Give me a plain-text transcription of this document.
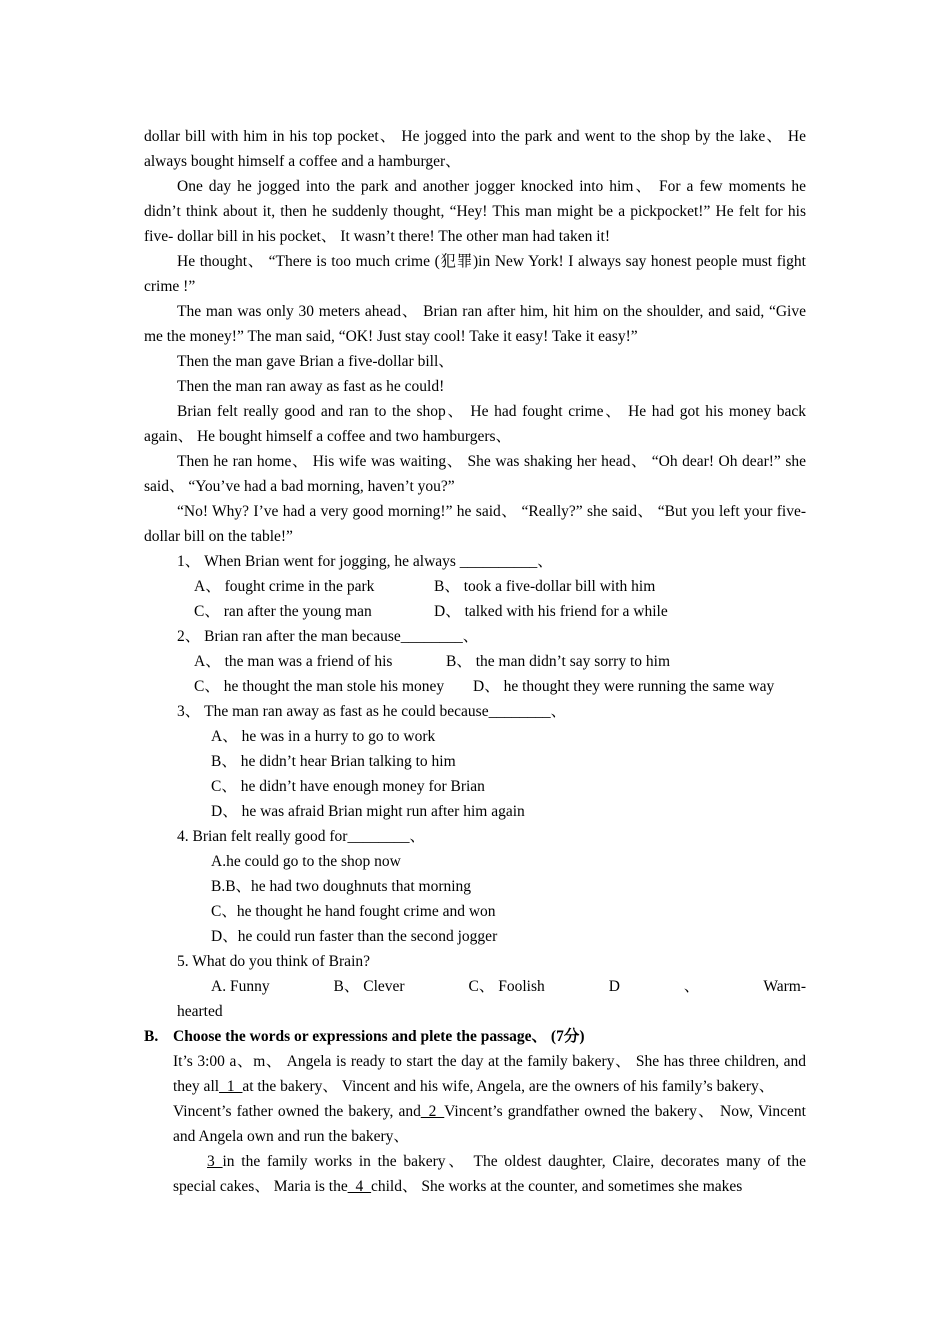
dollar bill with him in his top pocket、 He jogged into the park and went to the shop by the lake、 He always bought himself a coffee and a hamburger、

One day he jogged into the park and another jogger knocked into him、 For a few moments he didn’t think about it, then he suddenly thought, “Hey! This man might be a pickpocket!” He felt for his five- dollar bill in his pocket、 It wasn’t there! The other man had taken it!

He thought、 “There is too much crime (犯罪)in New York! I always say honest people must fight crime !”

The man was only 30 meters ahead、 Brian ran after him, hit him on the shoulder, and said, “Give me the money!” The man said, “OK! Just stay cool! Take it easy! Take it easy!”

Then the man gave Brian a five-dollar bill、

Then the man ran away as fast as he could!

Brian felt really good and ran to the shop、 He had fought crime、 He had got his money back again、 He bought himself a coffee and two hamburgers、

Then he ran home、 His wife was waiting、 She was shaking her head、 “Oh dear! Oh dear!” she said、 “You’ve had a bad morning, haven’t you?”

“No! Why? I’ve had a very good morning!” he said、 “Really?” she said、 “But you left your five-dollar bill on the table!”

1、 When Brian went for jogging, he always __________、

A、 fought crime in the park	B、 took a five-dollar bill with him
C、 ran after the young man	D、 talked with his friend for a while

2、 Brian ran after the man because________、

A、 the man was a friend of his	B、 the man didn’t say sorry to him
C、 he thought the man stole his money	D、 he thought they were running the same way

3、 The man ran away as fast as he could because________、

A、 he was in a hurry to go to work

B、 he didn’t hear Brian talking to him

C、 he didn’t have enough money for Brian

D、 he was afraid Brian might run after him again

4. Brian felt really good for________、

A.he could go to the shop now

B.B、he had two doughnuts that morning

C、he thought he hand fought crime and won

D、he could run faster than the second jogger

5. What do you think of Brain?

A. Funny	B、 Clever	C、 Foolish	D	、	Warm-

hearted

B. Choose the words or expressions and plete the passage、 (7分)

It’s 3:00 a、m、 Angela is ready to start the day at the family bakery、 She has three children, and they all_1_at the bakery、 Vincent and his wife, Angela, are the owners of his family’s bakery、

Vincent’s father owned the bakery, and_2_Vincent’s grandfather owned the bakery、 Now, Vincent and Angela own and run the bakery、

3_in the family works in the bakery、 The oldest daughter, Claire, decorates many of the special cakes、 Maria is the_4_child、 She works at the counter, and sometimes she makes
